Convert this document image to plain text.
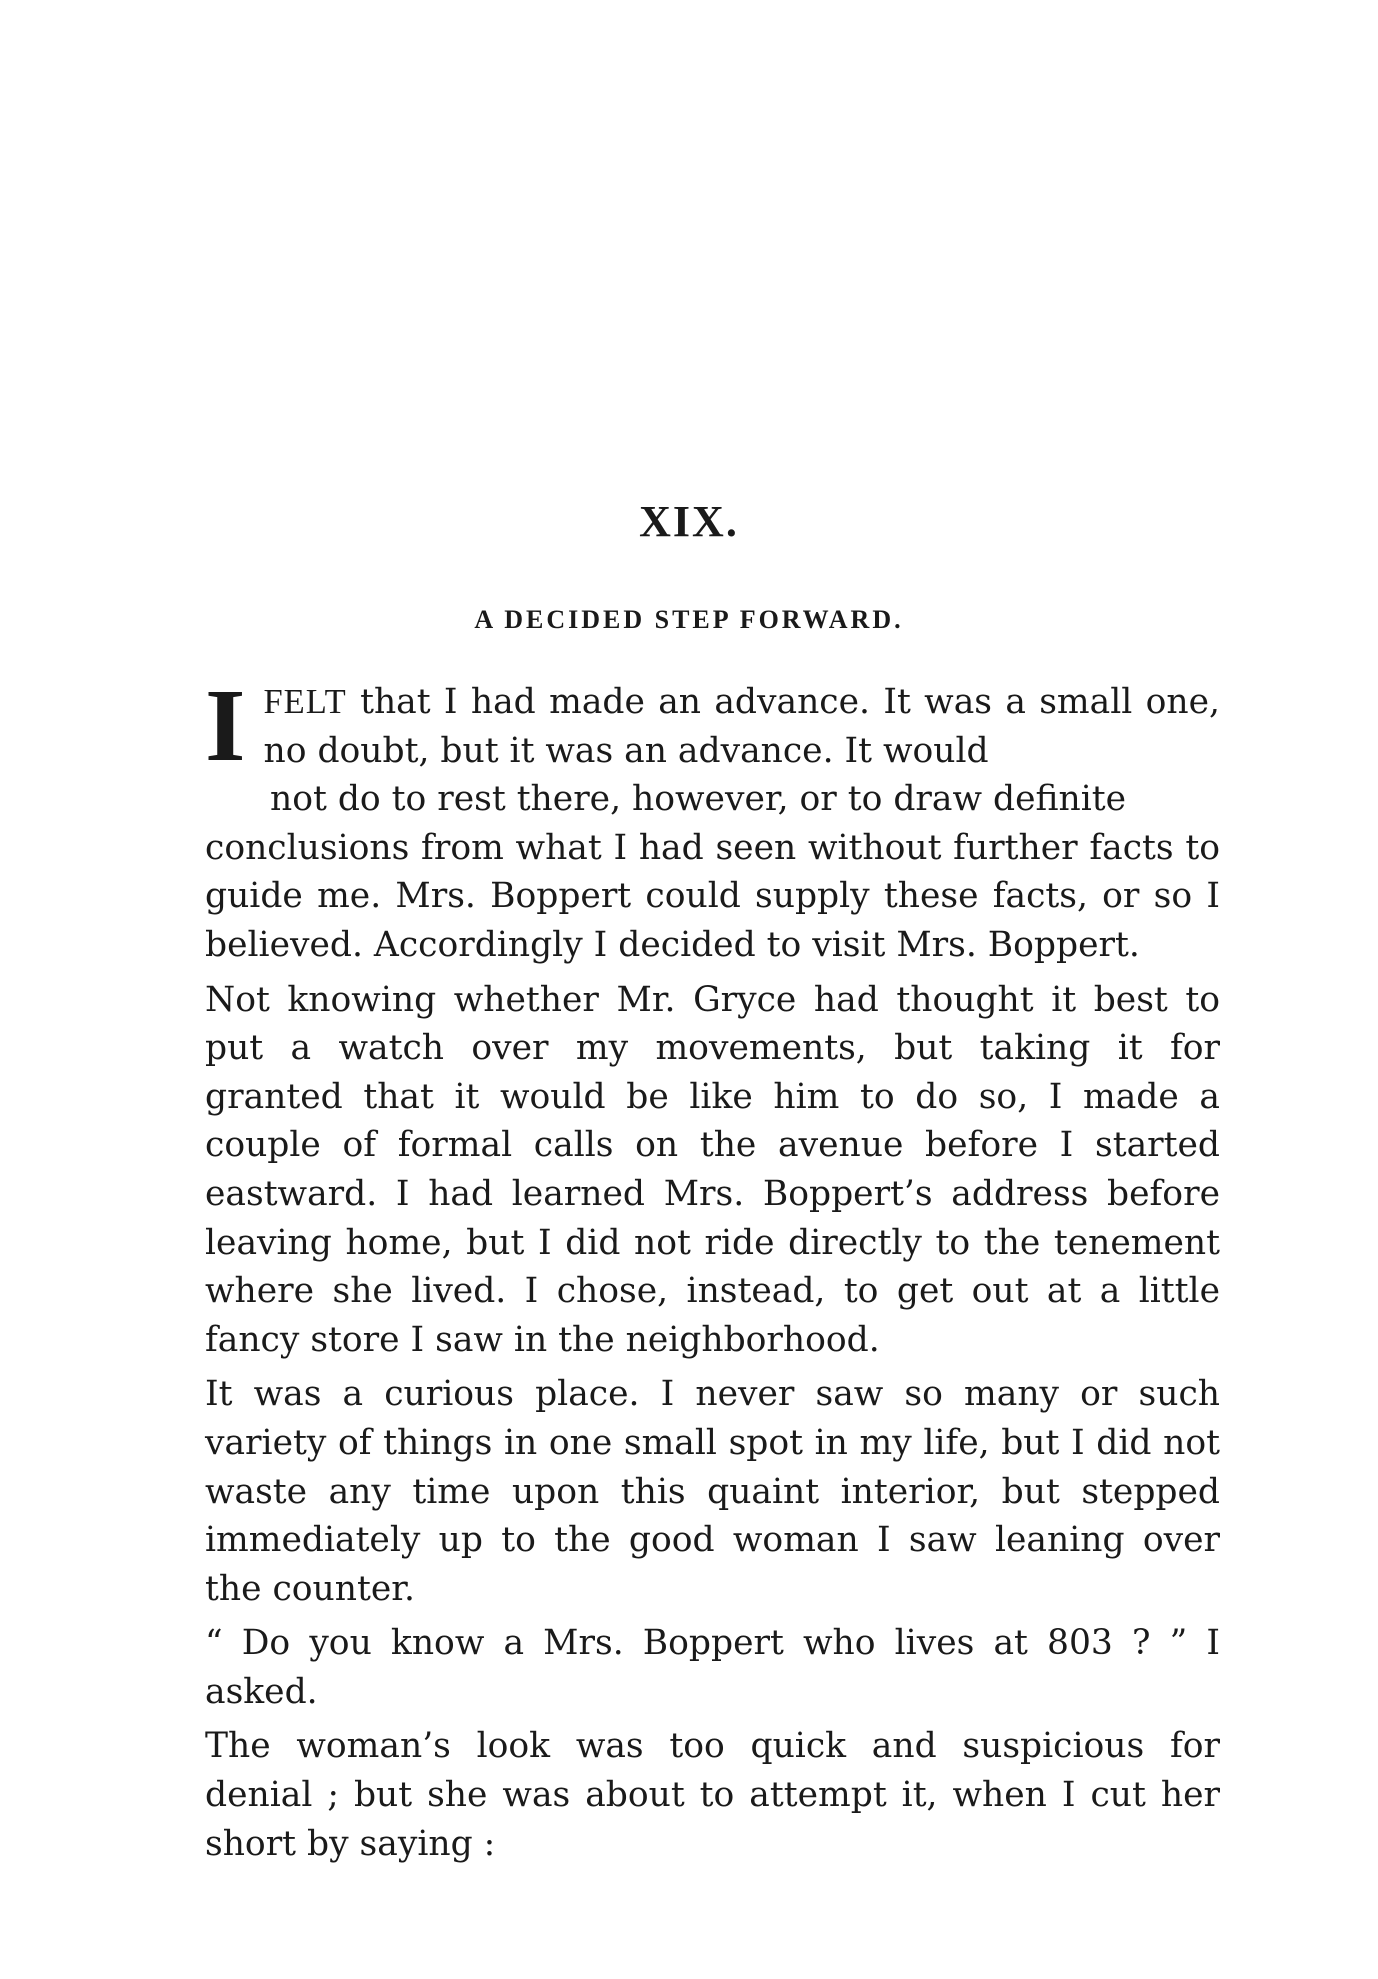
XIX.
A DECIDED STEP FORWARD.

IFELT that I had made an advance. It was a small one, no doubt, but it was an advance. It would
not do to rest there, however, or to draw definite
conclusions from what I had seen without further facts to guide me. Mrs. Boppert could supply these facts, or so I believed. Accordingly I decided to visit Mrs. Boppert.

Not knowing whether Mr. Gryce had thought it best to put a watch over my movements, but taking it for granted that it would be like him to do so, I made a couple of formal calls on the avenue before I started eastward. I had learned Mrs. Boppert’s address before leaving home, but I did not ride directly to the tenement where she lived. I chose, instead, to get out at a little fancy store I saw in the neighborhood.

It was a curious place. I never saw so many or such variety of things in one small spot in my life, but I did not waste any time upon this quaint interior, but stepped immediately up to the good woman I saw leaning over the counter.

“ Do you know a Mrs. Boppert who lives at 803 ? ” I asked.

The woman’s look was too quick and suspicious for denial ; but she was about to attempt it, when I cut her short by saying :
